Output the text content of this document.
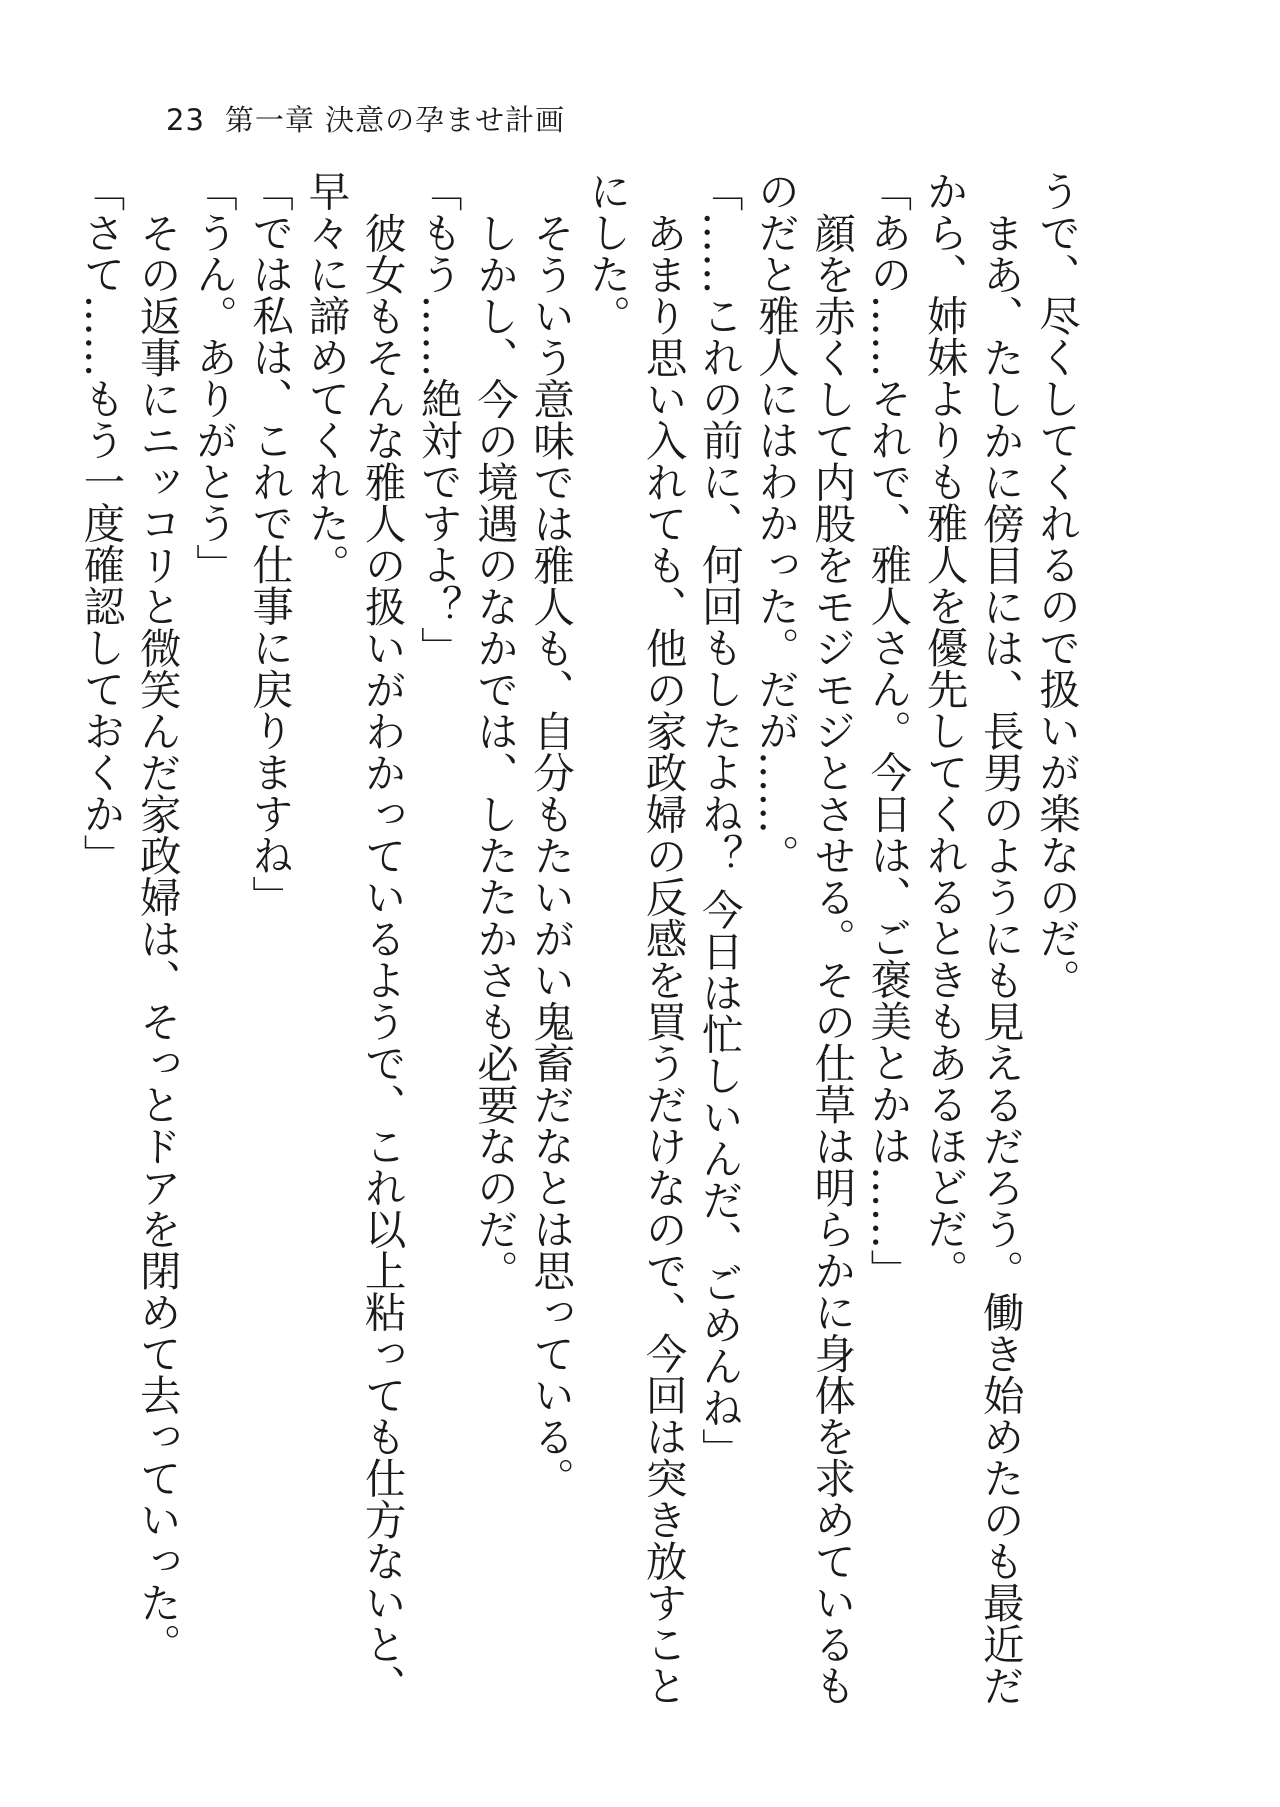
23 第一章 決意の孕ませ計画

うで、尽くしてくれるので扱いが楽なのだ。

まあ、たしかに傍目には、長男のようにも見えるだろう。働き始めたのも最近だから、姉妹よりも雅人を優先してくれるときもあるほどだ。

「あの……それで、雅人さん。今日は、ご褒美とかは……」

顔を赤くして内股をモジモジとさせる。その仕草は明らかに身体を求めているものだと雅人にはわかった。だが……。

「……これの前に、何回もしたよね？ 今日は忙しいんだ、ごめんね」

あまり思い入れても、他の家政婦の反感を買うだけなので、今回は突き放すことにした。

そういう意味では雅人も、自分もたいがい鬼畜だなとは思っている。

しかし、今の境遇のなかでは、したたかさも必要なのだ。

「もう……絶対ですよ？」

彼女もそんな雅人の扱いがわかっているようで、これ以上粘っても仕方ないと、早々に諦めてくれた。

「では私は、これで仕事に戻りますね」

「うん。ありがとう」

その返事にニッコリと微笑んだ家政婦は、そっとドアを閉めて去っていった。

「さて……もう一度確認しておくか」
